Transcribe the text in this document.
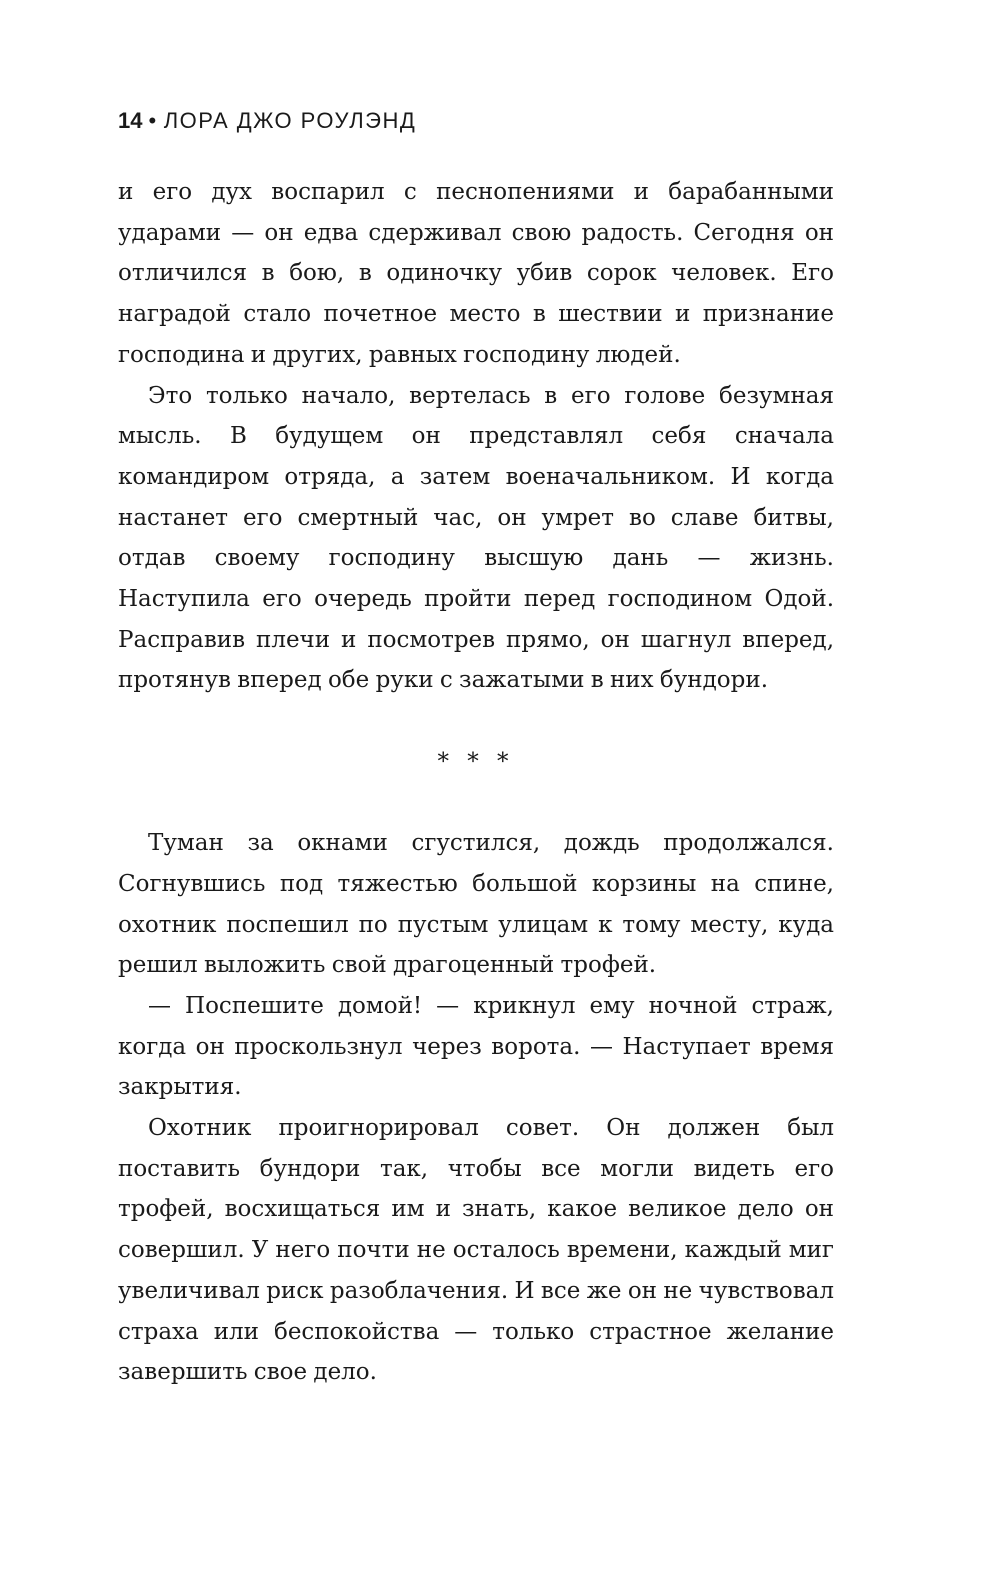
14 • ЛОРА ДЖО РОУЛЭНД

и его дух воспарил с песнопениями и барабанными ударами — он едва сдерживал свою радость. Сегодня он отличился в бою, в одиночку убив сорок человек. Его наградой стало почетное место в шествии и признание господина и других, равных господину людей.

Это только начало, вертелась в его голове безумная мысль. В будущем он представлял себя сначала командиром отряда, а затем военачальником. И когда настанет его смертный час, он умрет во славе битвы, отдав своему господину высшую дань — жизнь. Наступила его очередь пройти перед господином Одой. Расправив плечи и посмотрев прямо, он шагнул вперед, протянув вперед обе руки с зажатыми в них бундори.

* * *

Туман за окнами сгустился, дождь продолжался. Согнувшись под тяжестью большой корзины на спине, охотник поспешил по пустым улицам к тому месту, куда решил выложить свой драгоценный трофей.

— Поспешите домой! — крикнул ему ночной страж, когда он проскользнул через ворота. — Наступает время закрытия.

Охотник проигнорировал совет. Он должен был поставить бундори так, чтобы все могли видеть его трофей, восхищаться им и знать, какое великое дело он совершил. У него почти не осталось времени, каждый миг увеличивал риск разоблачения. И все же он не чувствовал страха или беспокойства — только страстное желание завершить свое дело.
